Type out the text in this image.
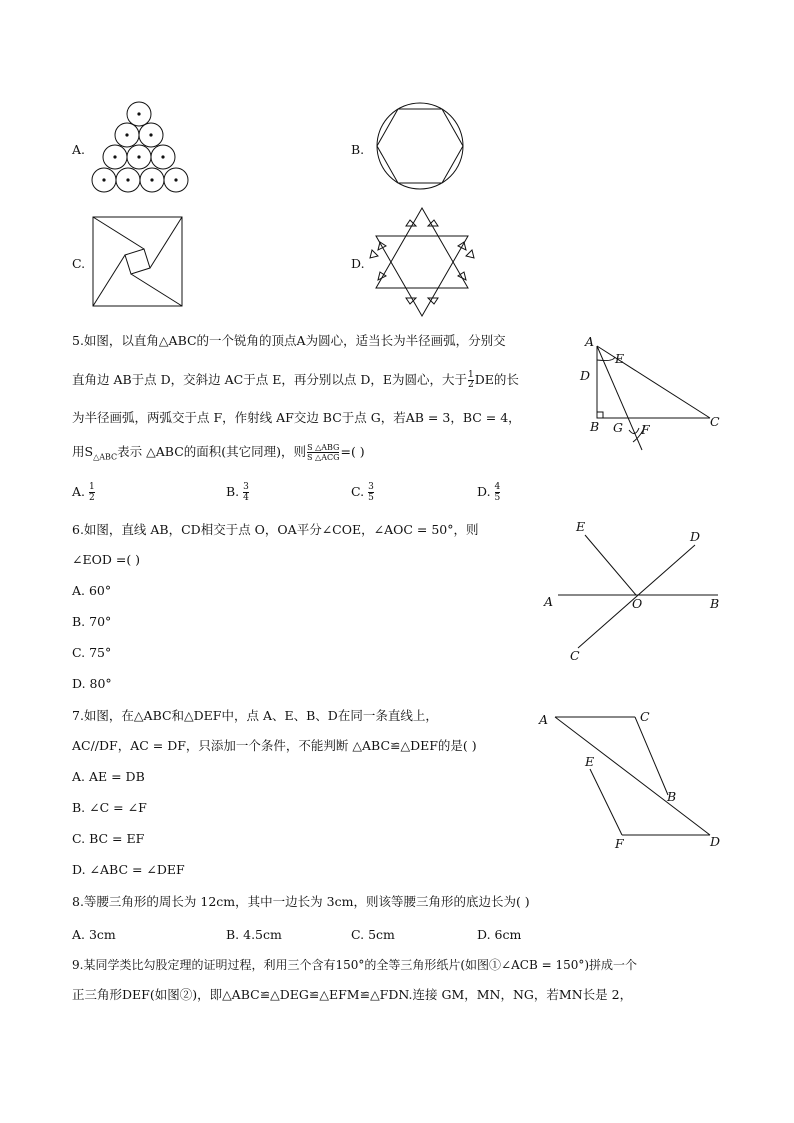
A.	B.
C.	D.
5.如图，以直角△ABC的一个锐角的顶点A为圆心，适当长为半径画弧，分别交
直角边 AB于点 D，交斜边 AC于点 E，再分别以点 D，E为圆心，大于 $\frac{1}{2}$ DE的长
为半径画弧，两弧交于点 F，作射线 AF交边 BC于点 G，若AB = 3，BC = 4，
用$S_{\triangle ABC}$表示 △ABC的面积(其它同理)，则 S △ABG
S △ACG =( )
A. $\frac{1}{2}$	B. $\frac{3}{4}$	C. $\frac{3}{5}$	D. $\frac{4}{5}$
A
E
D
B G F
C
6.如图，直线 AB，CD相交于点 O，OA平分∠COE，∠AOC = 50°，则
∠EOD =( )
A. 60°
B. 70°
C. 75°
D. 80°
E
D
A	O	B
C
7.如图，在△ABC和△DEF中，点 A、E、B、D在同一条直线上，
AC//DF，AC = DF，只添加一个条件，不能判断 △ABC≌△DEF的是( )
A. AE = DB
B. ∠C = ∠F
C. BC = EF
D. ∠ABC = ∠DEF
A	C
E
B
F	D
8.等腰三角形的周长为 12cm，其中一边长为 3cm，则该等腰三角形的底边长为( )
A. 3cm	B. 4.5cm	C. 5cm	D. 6cm
9.某同学类比勾股定理的证明过程，利用三个含有150°的全等三角形纸片(如图①∠ACB = 150°)拼成一个
正三角形DEF(如图②)，即△ABC≌△DEG≌△EFM≌△FDN.连接 GM，MN，NG，若MN长是 2，
